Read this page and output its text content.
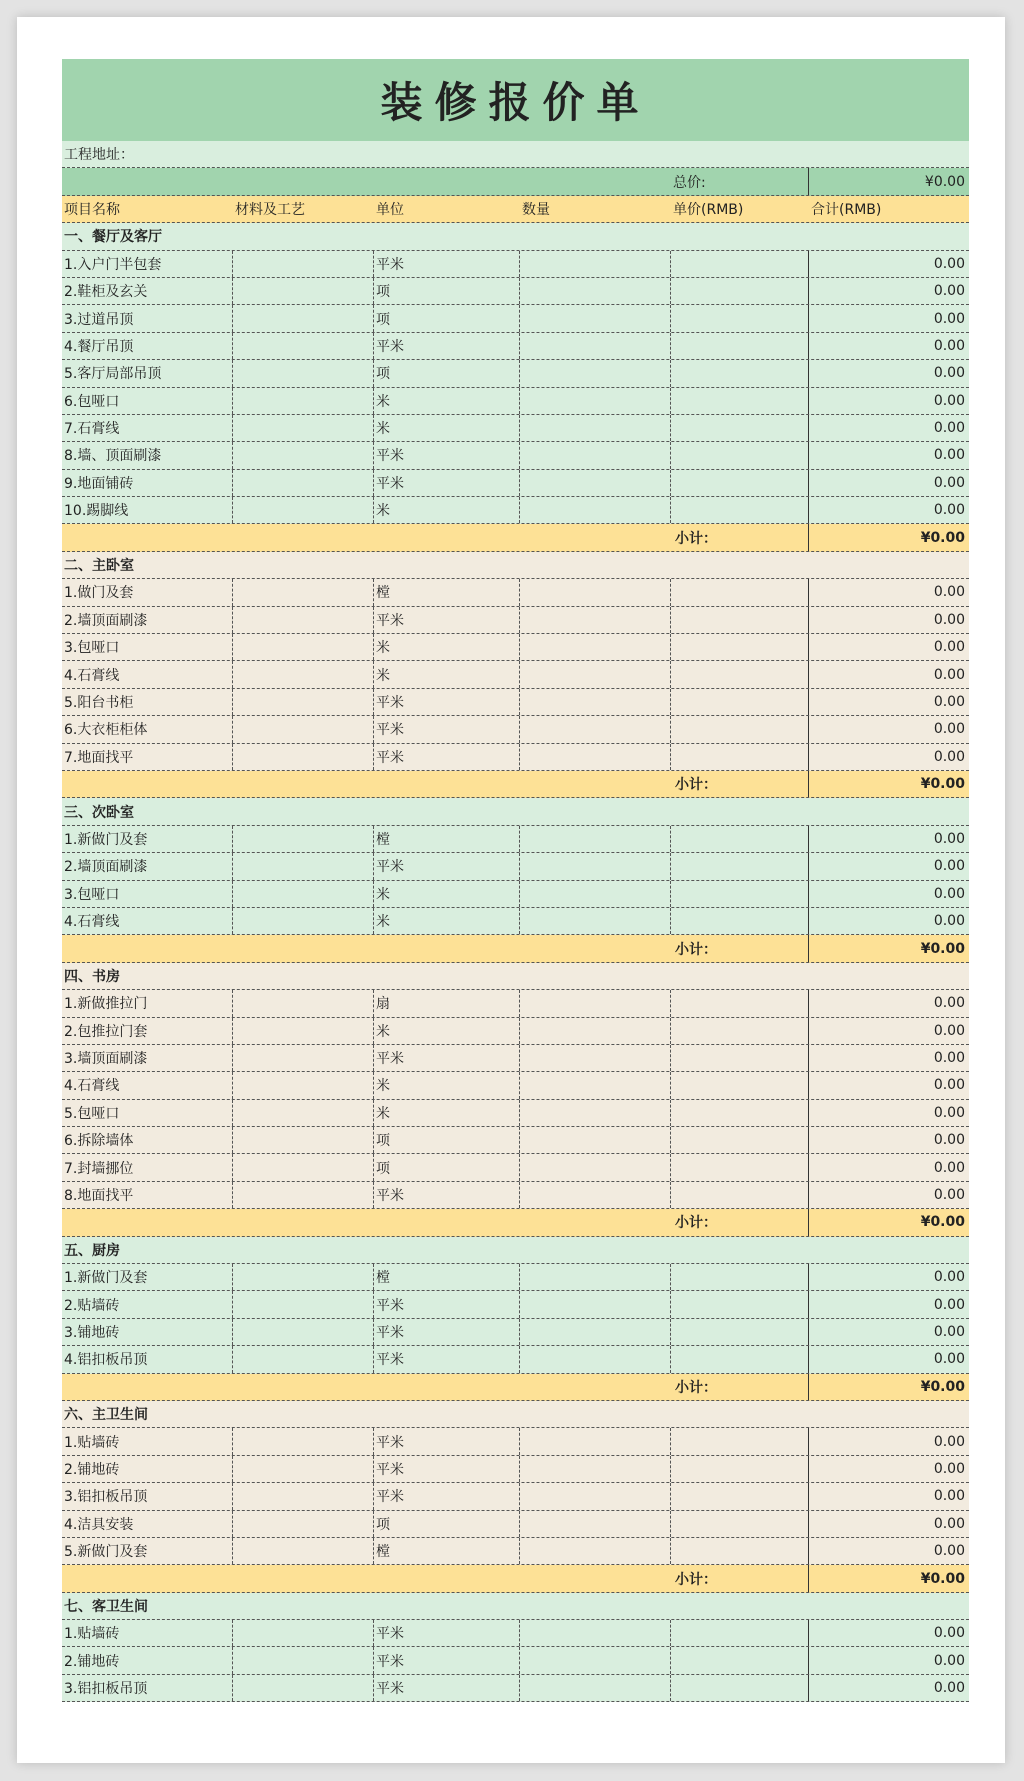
装修报价单
工程地址：
总价:	¥0.00
项目名称	材料及工艺	单位	数量	单价(RMB)	合计(RMB)
一、餐厅及客厅
1.入户门半包套	平米	0.00
2.鞋柜及玄关	项	0.00
3.过道吊顶	项	0.00
4.餐厅吊顶	平米	0.00
5.客厅局部吊顶	项	0.00
6.包哑口	米	0.00
7.石膏线	米	0.00
8.墙、顶面刷漆	平米	0.00
9.地面铺砖	平米	0.00
10.踢脚线	米	0.00
小计：	¥0.00
二、主卧室
1.做门及套	樘	0.00
2.墙顶面刷漆	平米	0.00
3.包哑口	米	0.00
4.石膏线	米	0.00
5.阳台书柜	平米	0.00
6.大衣柜柜体	平米	0.00
7.地面找平	平米	0.00
小计：	¥0.00
三、次卧室
1.新做门及套	樘	0.00
2.墙顶面刷漆	平米	0.00
3.包哑口	米	0.00
4.石膏线	米	0.00
小计：	¥0.00
四、书房
1.新做推拉门	扇	0.00
2.包推拉门套	米	0.00
3.墙顶面刷漆	平米	0.00
4.石膏线	米	0.00
5.包哑口	米	0.00
6.拆除墙体	项	0.00
7.封墙挪位	项	0.00
8.地面找平	平米	0.00
小计：	¥0.00
五、厨房
1.新做门及套	樘	0.00
2.贴墙砖	平米	0.00
3.铺地砖	平米	0.00
4.铝扣板吊顶	平米	0.00
小计：	¥0.00
六、主卫生间
1.贴墙砖	平米	0.00
2.铺地砖	平米	0.00
3.铝扣板吊顶	平米	0.00
4.洁具安装	项	0.00
5.新做门及套	樘	0.00
小计：	¥0.00
七、客卫生间
1.贴墙砖	平米	0.00
2.铺地砖	平米	0.00
3.铝扣板吊顶	平米	0.00
